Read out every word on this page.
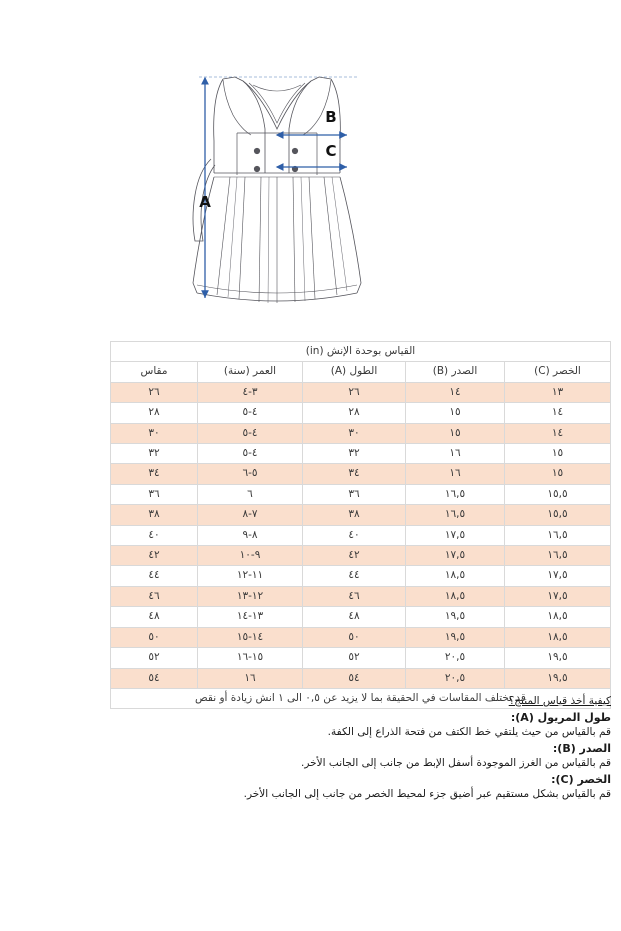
A
B
C
القياس بوحدة الإنش (in)				
الخصر (C)	الصدر (B)	الطول (A)	العمر (سنة)	مقاس
١٣	١٤	٢٦	٣-٤	٢٦
١٤	١٥	٢٨	٤-٥	٢٨
١٤	١٥	٣٠	٤-٥	٣٠
١٥	١٦	٣٢	٤-٥	٣٢
١٥	١٦	٣٤	٥-٦	٣٤
١٥,٥	١٦,٥	٣٦	٦	٣٦
١٥,٥	١٦,٥	٣٨	٧-٨	٣٨
١٦,٥	١٧,٥	٤٠	٨-٩	٤٠
١٦,٥	١٧,٥	٤٢	٩-١٠	٤٢
١٧,٥	١٨,٥	٤٤	١١-١٢	٤٤
١٧,٥	١٨,٥	٤٦	١٢-١٣	٤٦
١٨,٥	١٩,٥	٤٨	١٣-١٤	٤٨
١٨,٥	١٩,٥	٥٠	١٤-١٥	٥٠
١٩,٥	٢٠,٥	٥٢	١٥-١٦	٥٢
١٩,٥	٢٠,٥	٥٤	١٦	٥٤
قد تختلف المقاسات في الحقيقة بما لا يزيد عن ٠,٥ الى ١ انش زيادة أو نقص				

كيفية أخذ قياس المنتج؟

طول المريول (A):

قم بالقياس من حيث يلتقي خط الكتف من فتحة الذراع إلى الكفة.

الصدر (B):

قم بالقياس من الغرز الموجودة أسفل الإبط من جانب إلى الجانب الأخر.

الخصر (C):

قم بالقياس بشكل مستقيم عبر أضيق جزء لمحيط الخصر من جانب إلى الجانب الأخر.
